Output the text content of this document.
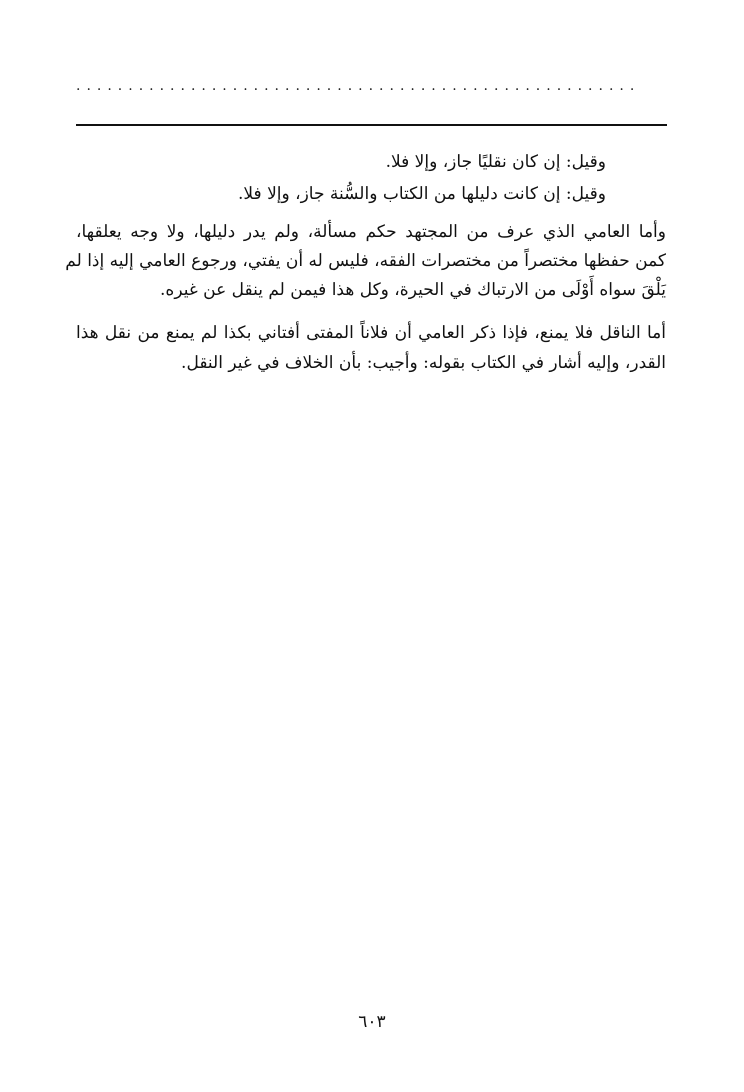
......................................................
وقيل: إن كان نقليًا جاز، وإلا فلا.
وقيل: إن كانت دليلها من الكتاب والسُّنة جاز، وإلا فلا.
وأما العامي الذي عرف من المجتهد حكم مسألة، ولم يدر دليلها، ولا وجه يعلقها،
كمن حفظها مختصراً من مختصرات الفقه، فليس له أن يفتي، ورجوع العامي إليه إذا لم
يَلْقَ سواه أَوْلَى من الارتباك في الحيرة، وكل هذا فيمن لم ينقل عن غيره.
أما الناقل فلا يمنع، فإذا ذكر العامي أن فلاناً المفتى أفتاني بكذا لم يمنع من نقل هذا
القدر، وإليه أشار في الكتاب بقوله: وأجيب: بأن الخلاف في غير النقل.
٦٠٣
